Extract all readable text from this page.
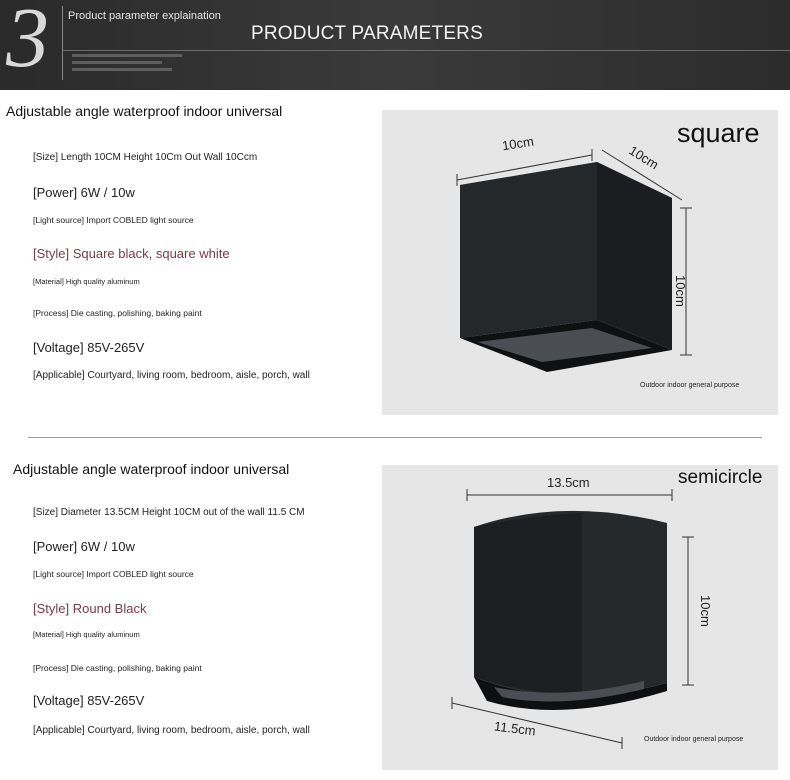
3 Product parameter explaination
PRODUCT PARAMETERS
Adjustable angle waterproof indoor universal
[Size] Length 10CM Height 10Cm Out Wall 10Ccm
[Power] 6W / 10w
[Light source] Import COBLED light source
[Style] Square black, square white
[Material] High quality aluminum
[Process] Die casting, polishing, baking paint
[Voltage] 85V-265V
[Applicable] Courtyard, living room, bedroom, aisle, porch, wall
square
10cm	10cm
10cm
Outdoor indoor general purpose
Adjustable angle waterproof indoor universal
[Size] Diameter 13.5CM Height 10CM out of the wall 11.5 CM
[Power] 6W / 10w
[Light source] Import COBLED light source
[Style] Round Black
[Material] High quality aluminum
[Process] Die casting, polishing, baking paint
[Voltage] 85V-265V
[Applicable] Courtyard, living room, bedroom, aisle, porch, wall
semicircle
13.5cm
10cm
11.5cm
Outdoor indoor general purpose
